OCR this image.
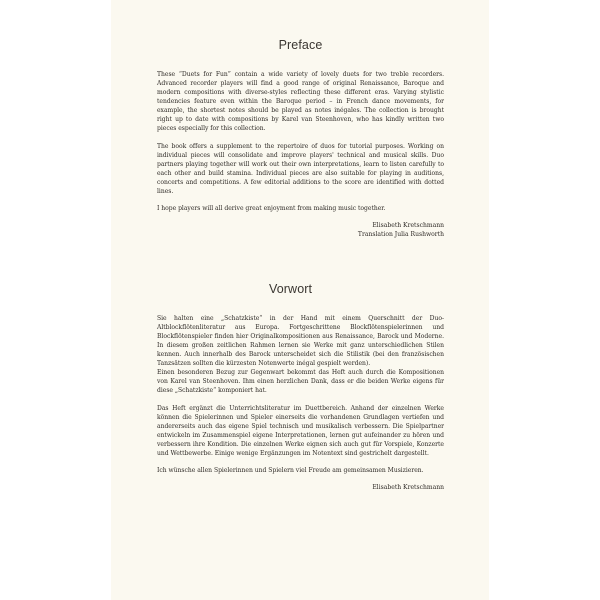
Preface

These “Duets for Fun” contain a wide variety of lovely duets for two treble recorders. Advanced recorder players will find a good range of original Renaissance, Baroque and modern compositions with diverse-styles reflecting these different eras. Varying stylistic tendencies feature even within the Baroque period – in French dance movements, for example, the shortest notes should be played as notes inégales. The collection is brought right up to date with compositions by Karel van Steenhoven, who has kindly written two pieces especially for this collection.

The book offers a supplement to the repertoire of duos for tutorial purposes. Working on individual pieces will consolidate and improve players' technical and musical skills. Duo partners playing together will work out their own interpretations, learn to listen carefully to each other and build stamina. Individual pieces are also suitable for playing in auditions, concerts and competitions. A few editorial additions to the score are identified with dotted lines.

I hope players will all derive great enjoyment from making music together.

Elisabeth Kretschmann
Translation Julia Rushworth
Vorwort

Sie halten eine „Schatzkiste“ in der Hand mit einem Querschnitt der Duo-Altblockflötenliteratur aus Europa. Fortgeschrittene Blockflötenspielerinnen und Blockflötenspieler finden hier Originalkompositionen aus Renaissance, Barock und Moderne. In diesem großen zeitlichen Rahmen lernen sie Werke mit ganz unterschiedlichen Stilen kennen. Auch innerhalb des Barock unterscheidet sich die Stilistik (bei den französischen Tanzsätzen sollten die kürzesten Notenwerte inégal gespielt werden).

Einen besonderen Bezug zur Gegenwart bekommt das Heft auch durch die Kompositionen von Karel van Steenhoven. Ihm einen herzlichen Dank, dass er die beiden Werke eigens für diese „Schatzkiste“ komponiert hat.

Das Heft ergänzt die Unterrichtsliteratur im Duettbereich. Anhand der einzelnen Werke können die Spielerinnen und Spieler einerseits die vorhandenen Grundlagen vertiefen und andererseits auch das eigene Spiel technisch und musikalisch verbessern. Die Spielpartner entwickeln im Zusammenspiel eigene Interpretationen, lernen gut aufeinander zu hören und verbessern ihre Kondition. Die einzelnen Werke eignen sich auch gut für Vorspiele, Konzerte und Wettbewerbe. Einige wenige Ergänzungen im Notentext sind gestrichelt dargestellt.

Ich wünsche allen Spielerinnen und Spielern viel Freude am gemeinsamen Musizieren.

Elisabeth Kretschmann
